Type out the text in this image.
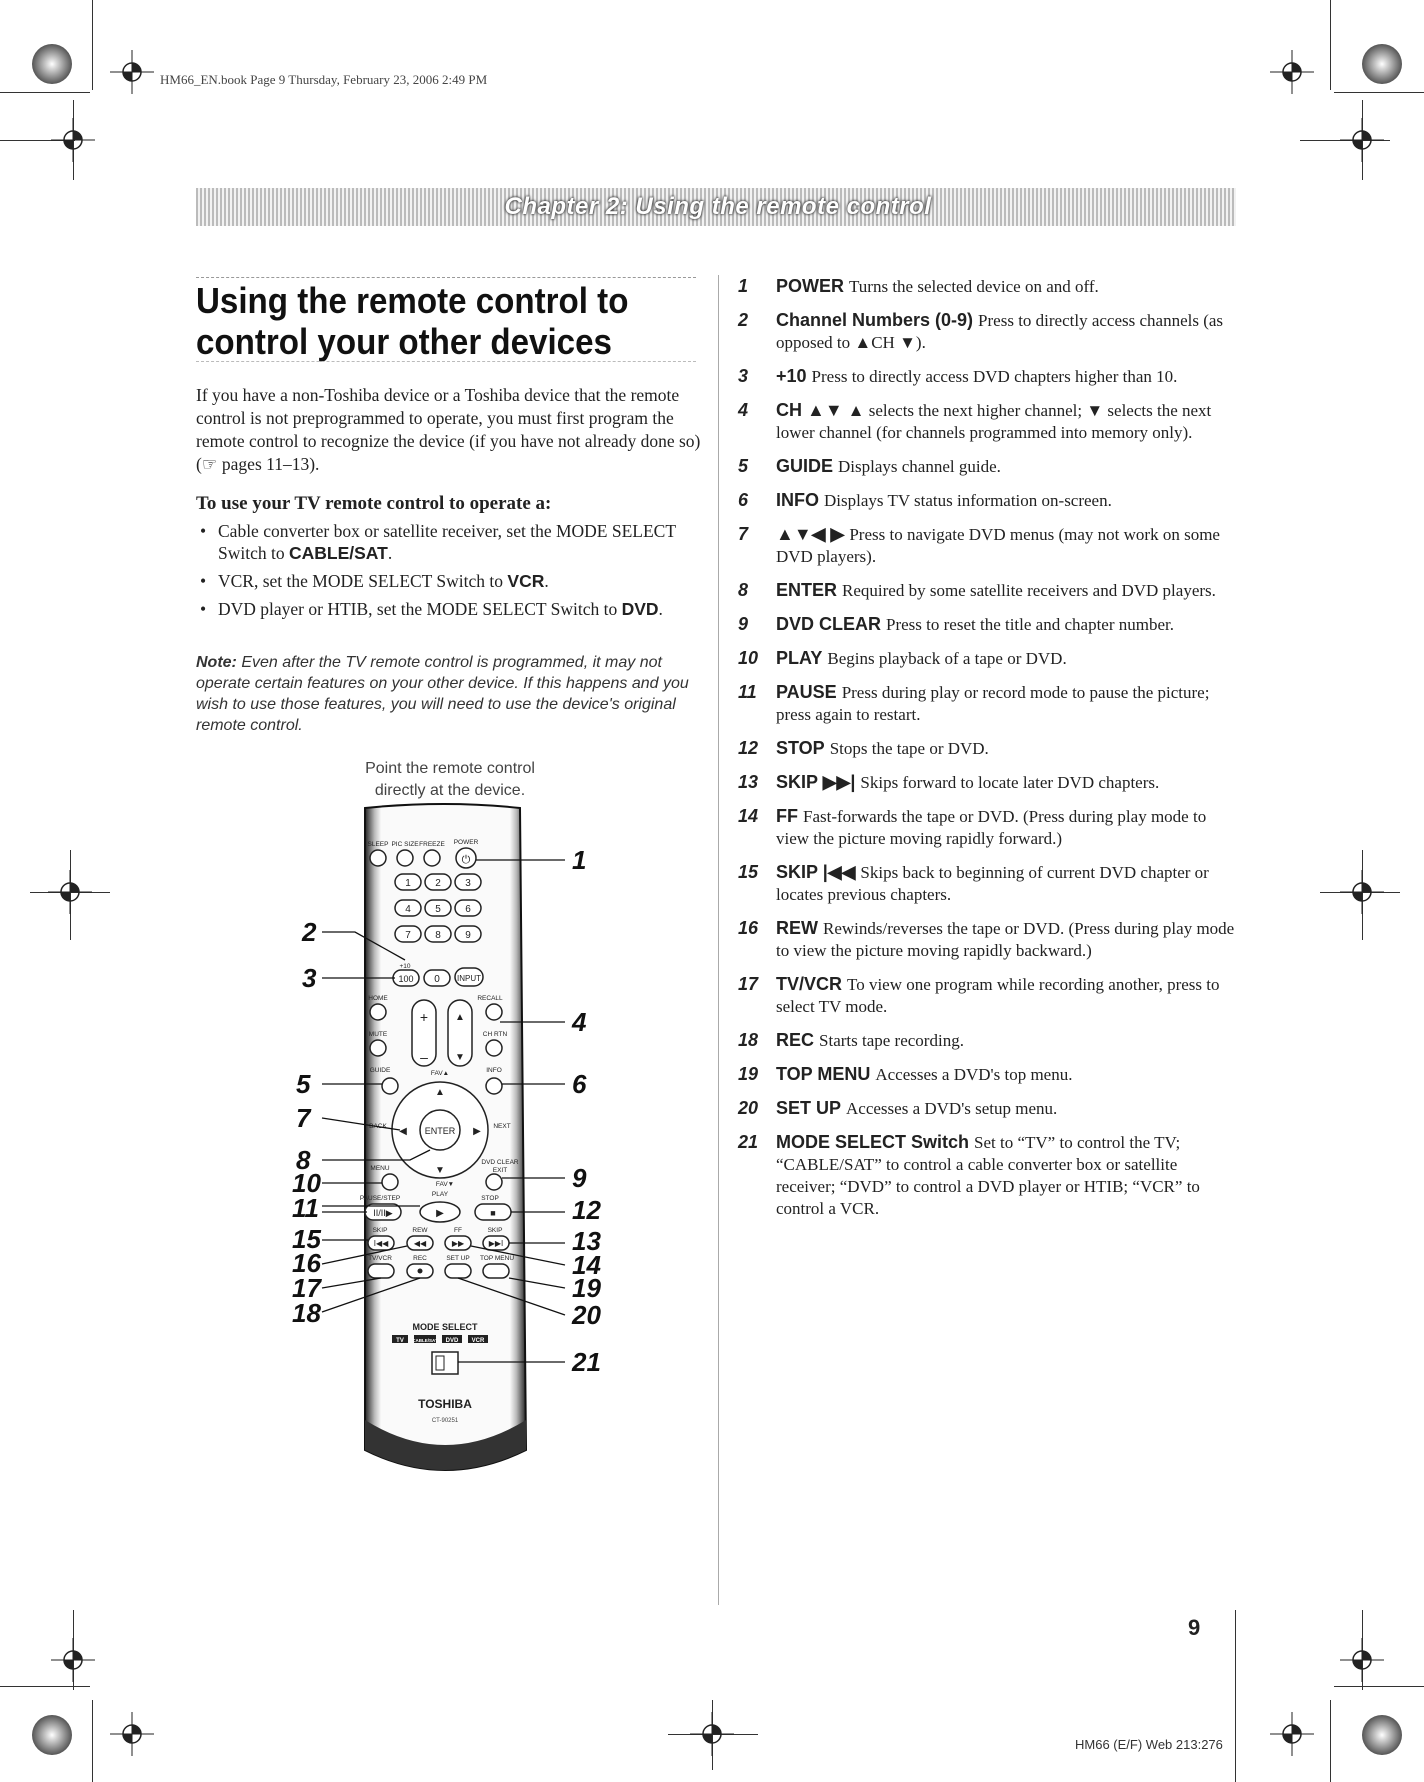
HM66_EN.book Page 9 Thursday, February 23, 2006 2:49 PM
Chapter 2: Using the remote control
Using the remote control to control your other devices
If you have a non-Toshiba device or a Toshiba device that the remote control is not preprogrammed to operate, you must first program the remote control to recognize the device (if you have not already done so) (☞ pages 11–13).
To use your TV remote control to operate a:
• Cable converter box or satellite receiver, set the MODE SELECT Switch to CABLE/SAT.
• VCR, set the MODE SELECT Switch to VCR.
• DVD player or HTIB, set the MODE SELECT Switch to DVD.
Note: Even after the TV remote control is programmed, it may not operate certain features on your other device. If this happens and you wish to use those features, you will need to use the device's original remote control.
Point the remote control
directly at the device.
SLEEP PIC SIZE FREEZE POWER
⏻
1 2 3
4 5 6
7 8 9
+10
100 0 INPUT
HOME	RECALL
MUTE	CH RTN
GUIDE	FAV▲	INFO
+
–
▲
▼
ENTER
▲
▼
◀	▶
BACK	NEXT
MENU
FAV▼
DVD CLEAR
EXIT
PLAY
PAUSE/STEP	STOP
II/II▶	▶	■
SKIP	REW	FF	SKIP
TV/VCR	REC	SET UP TOP MENU
I◀◀	◀◀	▶▶	▶▶I
MODE SELECT
TV CABLE/SAT DVD VCR
TOSHIBA
CT-90251
1
2
3
4
5	6
7
8
9
10
11	12
13
14
15
16
17
18
19
20
21
1 POWER Turns the selected device on and off.
2 Channel Numbers (0-9) Press to directly access channels (as opposed to ▲CH ▼).
3 +10 Press to directly access DVD chapters higher than 10.
4 CH ▲▼ ▲ selects the next higher channel; ▼ selects the next lower channel (for channels programmed into memory only).
5 GUIDE Displays channel guide.
6 INFO Displays TV status information on-screen.
7 ▲▼◀ ▶ Press to navigate DVD menus (may not work on some DVD players).
8 ENTER Required by some satellite receivers and DVD players.
9 DVD CLEAR Press to reset the title and chapter number.
10 PLAY Begins playback of a tape or DVD.
11 PAUSE Press during play or record mode to pause the picture; press again to restart.
12 STOP Stops the tape or DVD.
13 SKIP ▶▶| Skips forward to locate later DVD chapters.
14 FF Fast-forwards the tape or DVD. (Press during play mode to view the picture moving rapidly forward.)
15 SKIP |◀◀ Skips back to beginning of current DVD chapter or locates previous chapters.
16 REW Rewinds/reverses the tape or DVD. (Press during play mode to view the picture moving rapidly backward.)
17 TV/VCR To view one program while recording another, press to select TV mode.
18 REC Starts tape recording.
19 TOP MENU Accesses a DVD's top menu.
20 SET UP Accesses a DVD's setup menu.
21 MODE SELECT Switch Set to “TV” to control the TV; “CABLE/SAT” to control a cable converter box or satellite receiver; “DVD” to control a DVD player or HTIB; “VCR” to control a VCR.
9
HM66 (E/F) Web 213:276
